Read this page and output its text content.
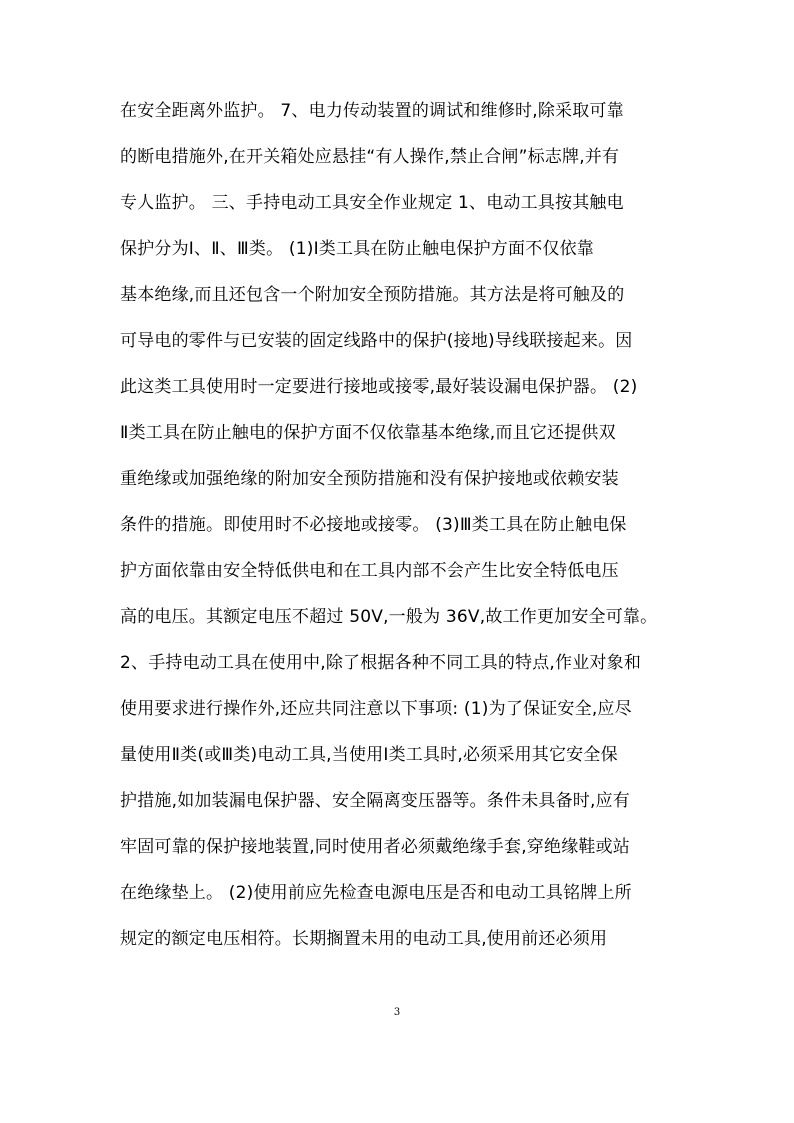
在安全距离外监护。 7、电力传动装置的调试和维修时,除采取可靠
的断电措施外,在开关箱处应悬挂“有人操作,禁止合闸”标志牌,并有
专人监护。 三、手持电动工具安全作业规定 1、电动工具按其触电
保护分为Ⅰ、Ⅱ、Ⅲ类。 (1)Ⅰ类工具在防止触电保护方面不仅依靠
基本绝缘,而且还包含一个附加安全预防措施。其方法是将可触及的
可导电的零件与已安装的固定线路中的保护(接地)导线联接起来。因
此这类工具使用时一定要进行接地或接零,最好装设漏电保护器。 (2)
Ⅱ类工具在防止触电的保护方面不仅依靠基本绝缘,而且它还提供双
重绝缘或加强绝缘的附加安全预防措施和没有保护接地或依赖安装
条件的措施。即使用时不必接地或接零。 (3)Ⅲ类工具在防止触电保
护方面依靠由安全特低供电和在工具内部不会产生比安全特低电压
高的电压。其额定电压不超过 50V,一般为 36V,故工作更加安全可靠。
2、手持电动工具在使用中,除了根据各种不同工具的特点,作业对象和
使用要求进行操作外,还应共同注意以下事项: (1)为了保证安全,应尽
量使用Ⅱ类(或Ⅲ类)电动工具,当使用Ⅰ类工具时,必须采用其它安全保
护措施,如加装漏电保护器、安全隔离变压器等。条件未具备时,应有
牢固可靠的保护接地装置,同时使用者必须戴绝缘手套,穿绝缘鞋或站
在绝缘垫上。 (2)使用前应先检查电源电压是否和电动工具铭牌上所
规定的额定电压相符。长期搁置未用的电动工具,使用前还必须用
3
